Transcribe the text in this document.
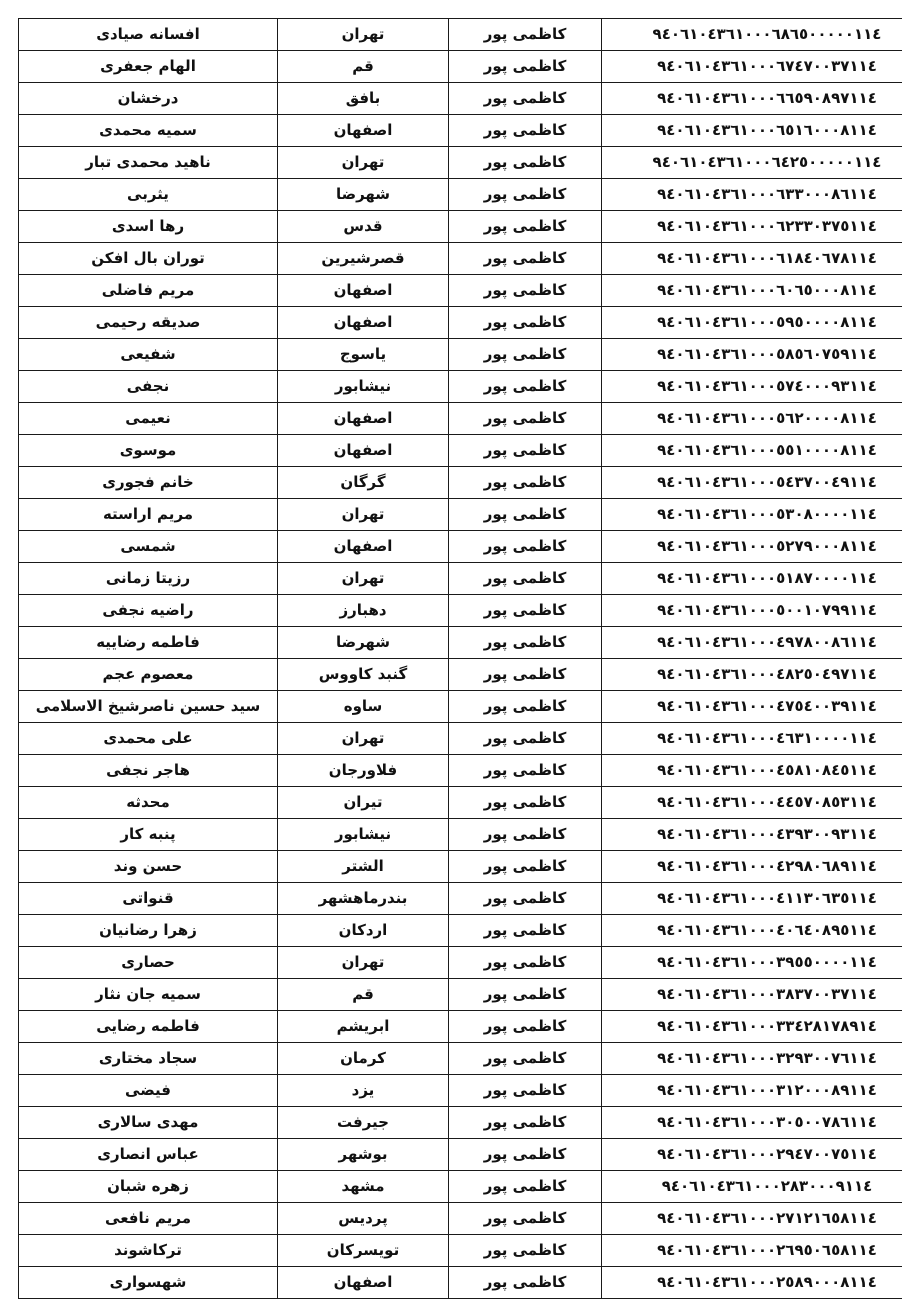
افسانه صیادی	تهران	کاظمی پور	۹٤۰٦۱۰٤۳٦۱۰۰۰٦۸٦٥۰۰۰۰۰۱۱٤
الهام جعفری	قم	کاظمی پور	۹٤۰٦۱۰٤۳٦۱۰۰۰٦۷٤۷۰۰۳۷۱۱٤
درخشان	بافق	کاظمی پور	۹٤۰٦۱۰٤۳٦۱۰۰۰٦٦٥۹۰۸۹۷۱۱٤
سمیه محمدی	اصفهان	کاظمی پور	۹٤۰٦۱۰٤۳٦۱۰۰۰٦٥۱٦۰۰۰۸۱۱٤
ناهید محمدی تبار	تهران	کاظمی پور	۹٤۰٦۱۰٤۳٦۱۰۰۰٦٤۲٥۰۰۰۰۰۱۱٤
یثربی	شهرضا	کاظمی پور	۹٤۰٦۱۰٤۳٦۱۰۰۰٦۳۳۰۰۰۸٦۱۱٤
رها اسدی	قدس	کاظمی پور	۹٤۰٦۱۰٤۳٦۱۰۰۰٦۲۳۳۰۳۷٥۱۱٤
توران بال افکن	قصرشیرین	کاظمی پور	۹٤۰٦۱۰٤۳٦۱۰۰۰٦۱۸٤۰٦۷۸۱۱٤
مریم فاضلی	اصفهان	کاظمی پور	۹٤۰٦۱۰٤۳٦۱۰۰۰٦۰٦٥۰۰۰۸۱۱٤
صدیقه رحیمی	اصفهان	کاظمی پور	۹٤۰٦۱۰٤۳٦۱۰۰۰٥۹٥۰۰۰۰۸۱۱٤
شفیعی	یاسوج	کاظمی پور	۹٤۰٦۱۰٤۳٦۱۰۰۰٥۸٥٦۰۷٥۹۱۱٤
نجفی	نیشابور	کاظمی پور	۹٤۰٦۱۰٤۳٦۱۰۰۰٥۷٤۰۰۰۹۳۱۱٤
نعیمی	اصفهان	کاظمی پور	۹٤۰٦۱۰٤۳٦۱۰۰۰٥٦۲۰۰۰۰۸۱۱٤
موسوی	اصفهان	کاظمی پور	۹٤۰٦۱۰٤۳٦۱۰۰۰٥٥۱۰۰۰۰۸۱۱٤
خانم فجوری	گرگان	کاظمی پور	۹٤۰٦۱۰٤۳٦۱۰۰۰٥٤۳۷۰۰٤۹۱۱٤
مریم اراسته	تهران	کاظمی پور	۹٤۰٦۱۰٤۳٦۱۰۰۰٥۳۰۸۰۰۰۰۱۱٤
شمسی	اصفهان	کاظمی پور	۹٤۰٦۱۰٤۳٦۱۰۰۰٥۲۷۹۰۰۰۸۱۱٤
رزیتا زمانی	تهران	کاظمی پور	۹٤۰٦۱۰٤۳٦۱۰۰۰٥۱۸۷۰۰۰۰۱۱٤
راضیه نجفی	دهبارز	کاظمی پور	۹٤۰٦۱۰٤۳٦۱۰۰۰٥۰۰۱۰۷۹۹۱۱٤
فاطمه رضاییه	شهرضا	کاظمی پور	۹٤۰٦۱۰٤۳٦۱۰۰۰٤۹۷۸۰۰۸٦۱۱٤
معصوم عجم	گنبد کاووس	کاظمی پور	۹٤۰٦۱۰٤۳٦۱۰۰۰٤۸۲٥۰٤۹۷۱۱٤
سید حسین ناصرشیخ الاسلامی	ساوه	کاظمی پور	۹٤۰٦۱۰٤۳٦۱۰۰۰٤۷٥٤۰۰۳۹۱۱٤
علی محمدی	تهران	کاظمی پور	۹٤۰٦۱۰٤۳٦۱۰۰۰٤٦۳۱۰۰۰۰۱۱٤
هاجر نجفی	فلاورجان	کاظمی پور	۹٤۰٦۱۰٤۳٦۱۰۰۰٤٥۸۱۰۸٤٥۱۱٤
محدثه	تیران	کاظمی پور	۹٤۰٦۱۰٤۳٦۱۰۰۰٤٤٥۷۰۸٥۳۱۱٤
پنبه کار	نیشابور	کاظمی پور	۹٤۰٦۱۰٤۳٦۱۰۰۰٤۳۹۳۰۰۹۳۱۱٤
حسن وند	الشتر	کاظمی پور	۹٤۰٦۱۰٤۳٦۱۰۰۰٤۲۹۸۰٦۸۹۱۱٤
قنواتی	بندرماهشهر	کاظمی پور	۹٤۰٦۱۰٤۳٦۱۰۰۰٤۱۱۳۰٦۳٥۱۱٤
زهرا رضانیان	اردکان	کاظمی پور	۹٤۰٦۱۰٤۳٦۱۰۰۰٤۰٦٤۰۸۹٥۱۱٤
حصاری	تهران	کاظمی پور	۹٤۰٦۱۰٤۳٦۱۰۰۰۳۹٥٥۰۰۰۰۱۱٤
سمیه جان نثار	قم	کاظمی پور	۹٤۰٦۱۰٤۳٦۱۰۰۰۳۸۳۷۰۰۳۷۱۱٤
فاطمه رضایی	ابریشم	کاظمی پور	۹٤۰٦۱۰٤۳٦۱۰۰۰۳۳٤۲۸۱۷۸۹۱٤
سجاد مختاری	کرمان	کاظمی پور	۹٤۰٦۱۰٤۳٦۱۰۰۰۳۲۹۳۰۰۷٦۱۱٤
فیضی	یزد	کاظمی پور	۹٤۰٦۱۰٤۳٦۱۰۰۰۳۱۲۰۰۰۸۹۱۱٤
مهدی سالاری	جیرفت	کاظمی پور	۹٤۰٦۱۰٤۳٦۱۰۰۰۳۰٥۰۰۷۸٦۱۱٤
عباس انصاری	بوشهر	کاظمی پور	۹٤۰٦۱۰٤۳٦۱۰۰۰۲۹٤۷۰۰۷٥۱۱٤
زهره شبان	مشهد	کاظمی پور	۹٤۰٦۱۰٤۳٦۱۰۰۰۲۸۳۰۰۰۹۱۱٤
مریم نافعی	پردیس	کاظمی پور	۹٤۰٦۱۰٤۳٦۱۰۰۰۲۷۱۲۱٦٥۸۱۱٤
ترکاشوند	تویسرکان	کاظمی پور	۹٤۰٦۱۰٤۳٦۱۰۰۰۲٦۹٥۰٦٥۸۱۱٤
شهسواری	اصفهان	کاظمی پور	۹٤۰٦۱۰٤۳٦۱۰۰۰۲٥۸۹۰۰۰۸۱۱٤
